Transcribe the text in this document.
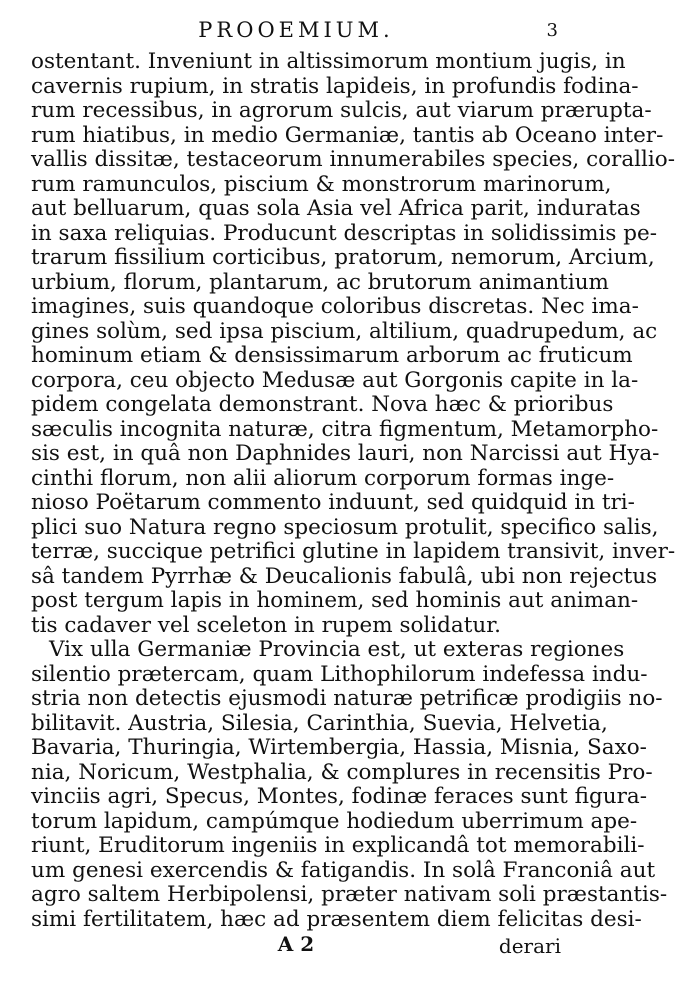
PROOEMIUM.	3
ostentant. Inveniunt in altissimorum montium jugis, in
cavernis rupium, in stratis lapideis, in profundis fodina-
rum recessibus, in agrorum sulcis, aut viarum prærupta-
rum hiatibus, in medio Germaniæ, tantis ab Oceano inter-
vallis dissitæ, testaceorum innumerabiles species, corallio-
rum ramunculos, piscium & monstrorum marinorum,
aut belluarum, quas sola Asia vel Africa parit, induratas
in saxa reliquias. Producunt descriptas in solidissimis pe-
trarum fissilium corticibus, pratorum, nemorum, Arcium,
urbium, florum, plantarum, ac brutorum animantium
imagines, suis quandoque coloribus discretas. Nec ima-
gines solùm, sed ipsa piscium, altilium, quadrupedum, ac
hominum etiam & densissimarum arborum ac fruticum
corpora, ceu objecto Medusæ aut Gorgonis capite in la-
pidem congelata demonstrant. Nova hæc & prioribus
sæculis incognita naturæ, citra figmentum, Metamorpho-
sis est, in quâ non Daphnides lauri, non Narcissi aut Hya-
cinthi florum, non alii aliorum corporum formas inge-
nioso Poëtarum commento induunt, sed quidquid in tri-
plici suo Natura regno speciosum protulit, specifico salis,
terræ, succique petrifici glutine in lapidem transivit, inver-
sâ tandem Pyrrhæ & Deucalionis fabulâ, ubi non rejectus
post tergum lapis in hominem, sed hominis aut animan-
tis cadaver vel sceleton in rupem solidatur.
Vix ulla Germaniæ Provincia est, ut exteras regiones
silentio prætercam, quam Lithophilorum indefessa indu-
stria non detectis ejusmodi naturæ petrificæ prodigiis no-
bilitavit. Austria, Silesia, Carinthia, Suevia, Helvetia,
Bavaria, Thuringia, Wirtembergia, Hassia, Misnia, Saxo-
nia, Noricum, Westphalia, & complures in recensitis Pro-
vinciis agri, Specus, Montes, fodinæ feraces sunt figura-
torum lapidum, campúmque hodiedum uberrimum ape-
riunt, Eruditorum ingeniis in explicandâ tot memorabili-
um genesi exercendis & fatigandis. In solâ Franconiâ aut
agro saltem Herbipolensi, præter nativam soli præstantis-
simi fertilitatem, hæc ad præsentem diem felicitas desi-
A 2	derari
